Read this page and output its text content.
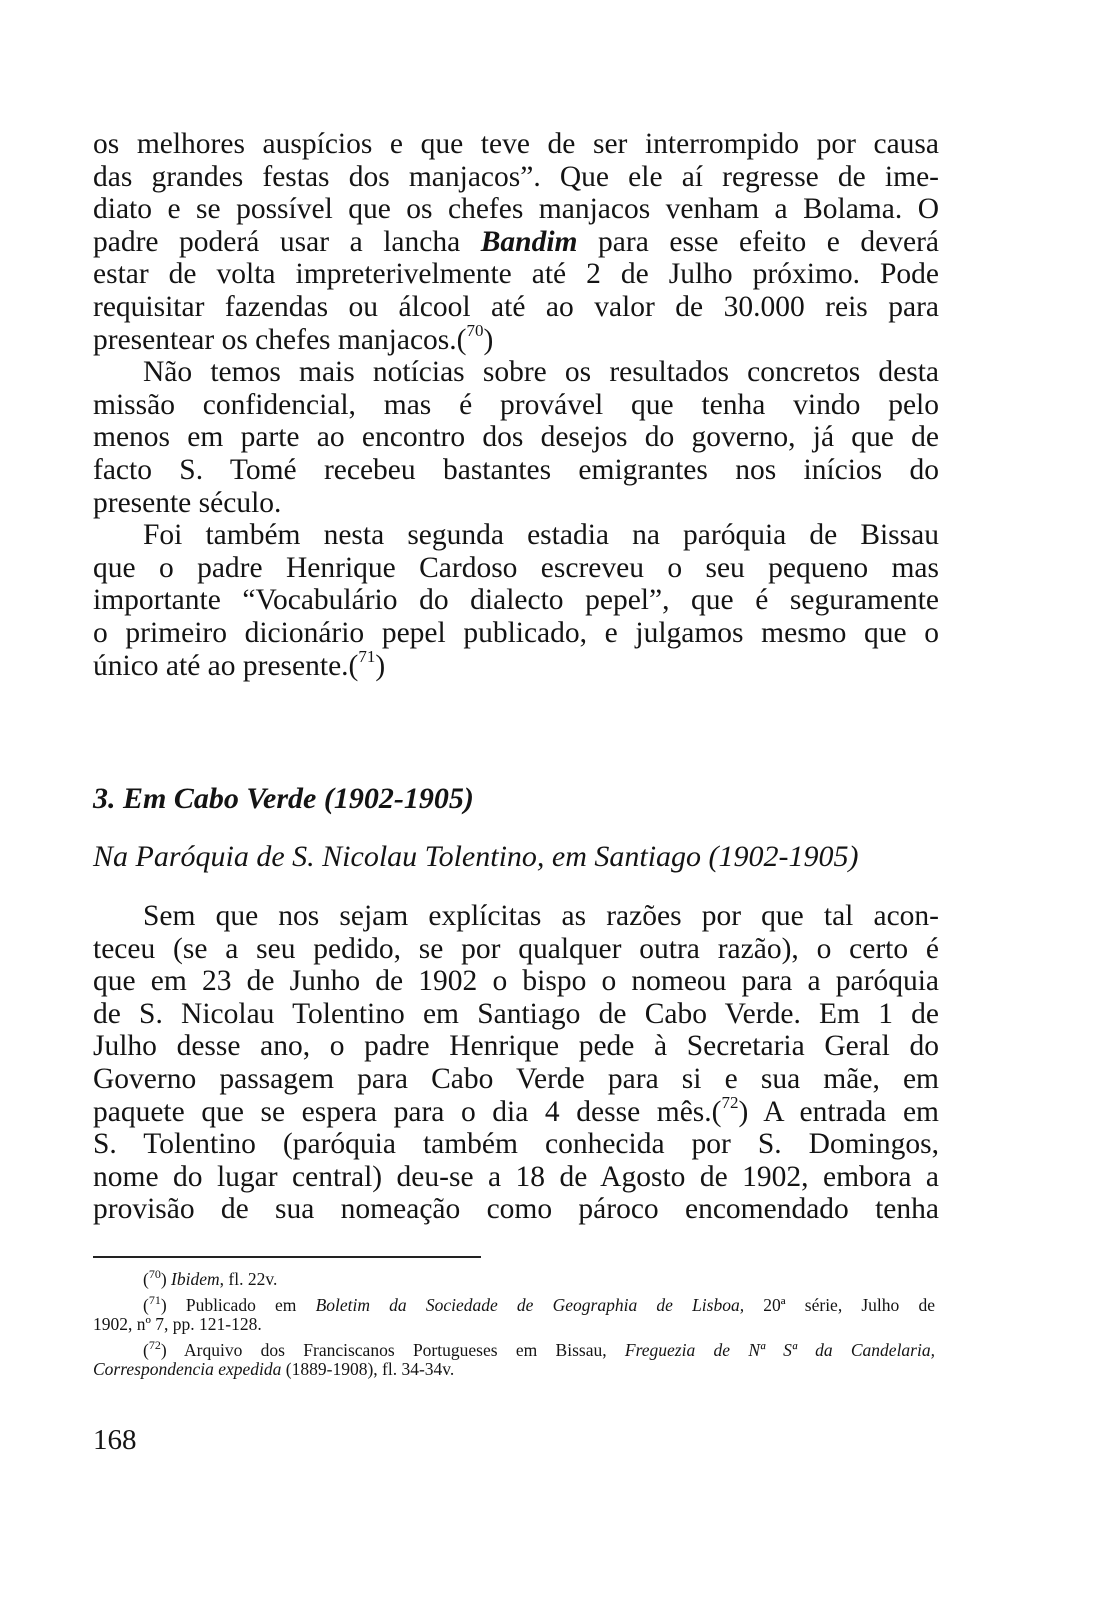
os melhores auspícios e que teve de ser interrompido por causa
das grandes festas dos manjacos”. Que ele aí regresse de ime-
diato e se possível que os chefes manjacos venham a Bolama. O
padre poderá usar a lancha Bandim para esse efeito e deverá
estar de volta impreterivelmente até 2 de Julho próximo. Pode
requisitar fazendas ou álcool até ao valor de 30.000 reis para
presentear os chefes manjacos.($^{70}$)
Não temos mais notícias sobre os resultados concretos desta
missão confidencial, mas é provável que tenha vindo pelo
menos em parte ao encontro dos desejos do governo, já que de
facto S. Tomé recebeu bastantes emigrantes nos inícios do
presente século.
Foi também nesta segunda estadia na paróquia de Bissau
que o padre Henrique Cardoso escreveu o seu pequeno mas
importante “Vocabulário do dialecto pepel”, que é seguramente
o primeiro dicionário pepel publicado, e julgamos mesmo que o
único até ao presente.($^{71}$)
3. Em Cabo Verde (1902-1905)
Na Paróquia de S. Nicolau Tolentino, em Santiago (1902-1905)
Sem que nos sejam explícitas as razões por que tal acon-
teceu (se a seu pedido, se por qualquer outra razão), o certo é
que em 23 de Junho de 1902 o bispo o nomeou para a paróquia
de S. Nicolau Tolentino em Santiago de Cabo Verde. Em 1 de
Julho desse ano, o padre Henrique pede à Secretaria Geral do
Governo passagem para Cabo Verde para si e sua mãe, em
paquete que se espera para o dia 4 desse mês.($^{72}$) A entrada em
S. Tolentino (paróquia também conhecida por S. Domingos,
nome do lugar central) deu-se a 18 de Agosto de 1902, embora a
provisão de sua nomeação como pároco encomendado tenha
($^{70}$) Ibidem, fl. 22v.
($^{71}$) Publicado em Boletim da Sociedade de Geographia de Lisboa, 20ª série, Julho de
1902, nº 7, pp. 121-128.
($^{72}$) Arquivo dos Franciscanos Portugueses em Bissau, Freguezia de Nª Sª da Candelaria,
Correspondencia expedida (1889-1908), fl. 34-34v.
168
